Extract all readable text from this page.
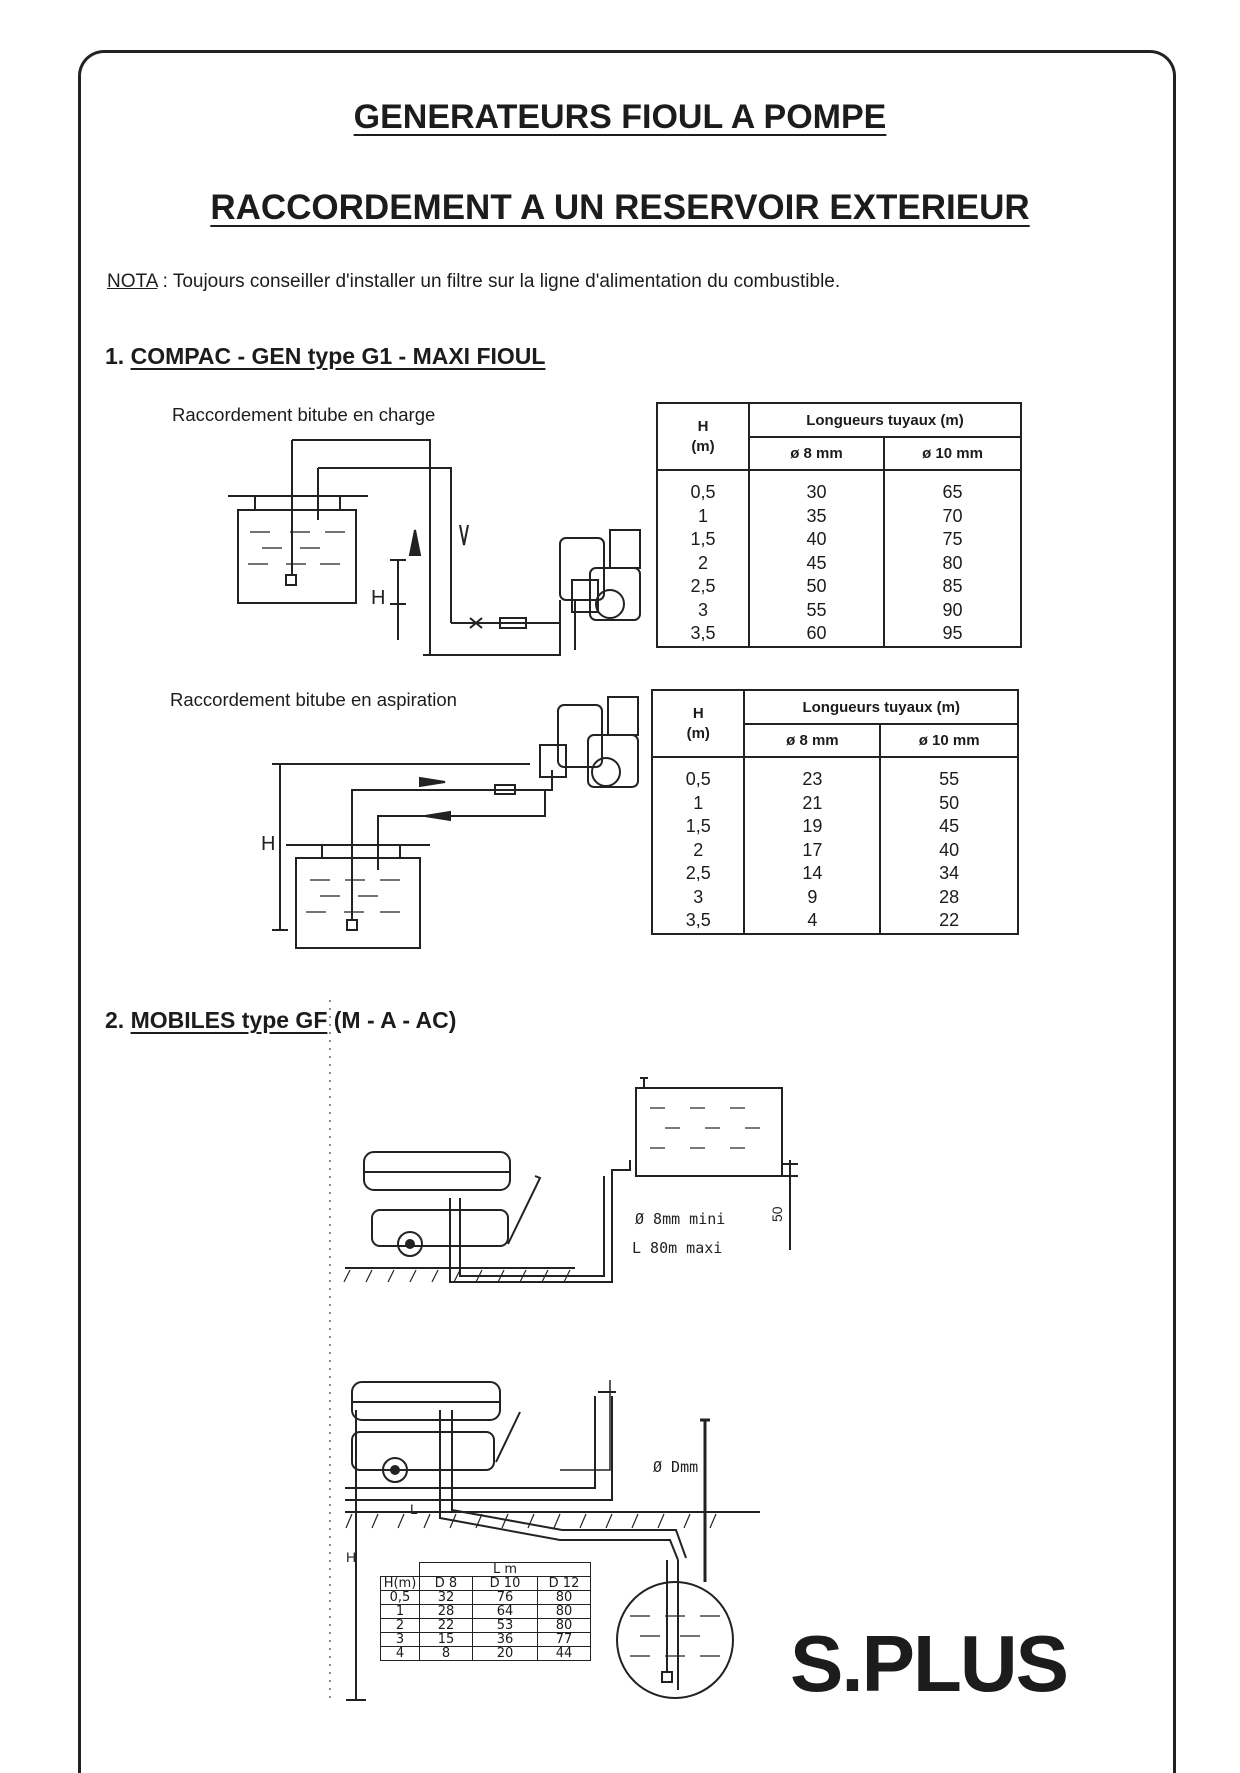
GENERATEURS FIOUL A POMPE
RACCORDEMENT A UN RESERVOIR EXTERIEUR
NOTA : Toujours conseiller d'installer un filtre sur la ligne d'alimentation du combustible.
1. COMPAC - GEN type G1 - MAXI FIOUL
Raccordement bitube en charge
Raccordement bitube en aspiration
H
(m)	Longueurs tuyaux (m)	
	ø 8 mm	ø 10 mm

0,5	30	65
1	35	70
1,5	40	75
2	45	80
2,5	50	85
3	55	90
3,5	60	95
H
(m)	Longueurs tuyaux (m)	
	ø 8 mm	ø 10 mm

0,5	23	55
1	21	50
1,5	19	45
2	17	40
2,5	14	34
3	9	28
3,5	4	22
2. MOBILES type GF (M - A - AC)
H
H
Ø 8mm mini
L 80m maxi
50
Ø Dmm
L
H
	L m		
H(m)	D 8	D 10	D 12
0,5	32	76	80
1	28	64	80
2	22	53	80
3	15	36	77
4	8	20	44	S.PLUS
